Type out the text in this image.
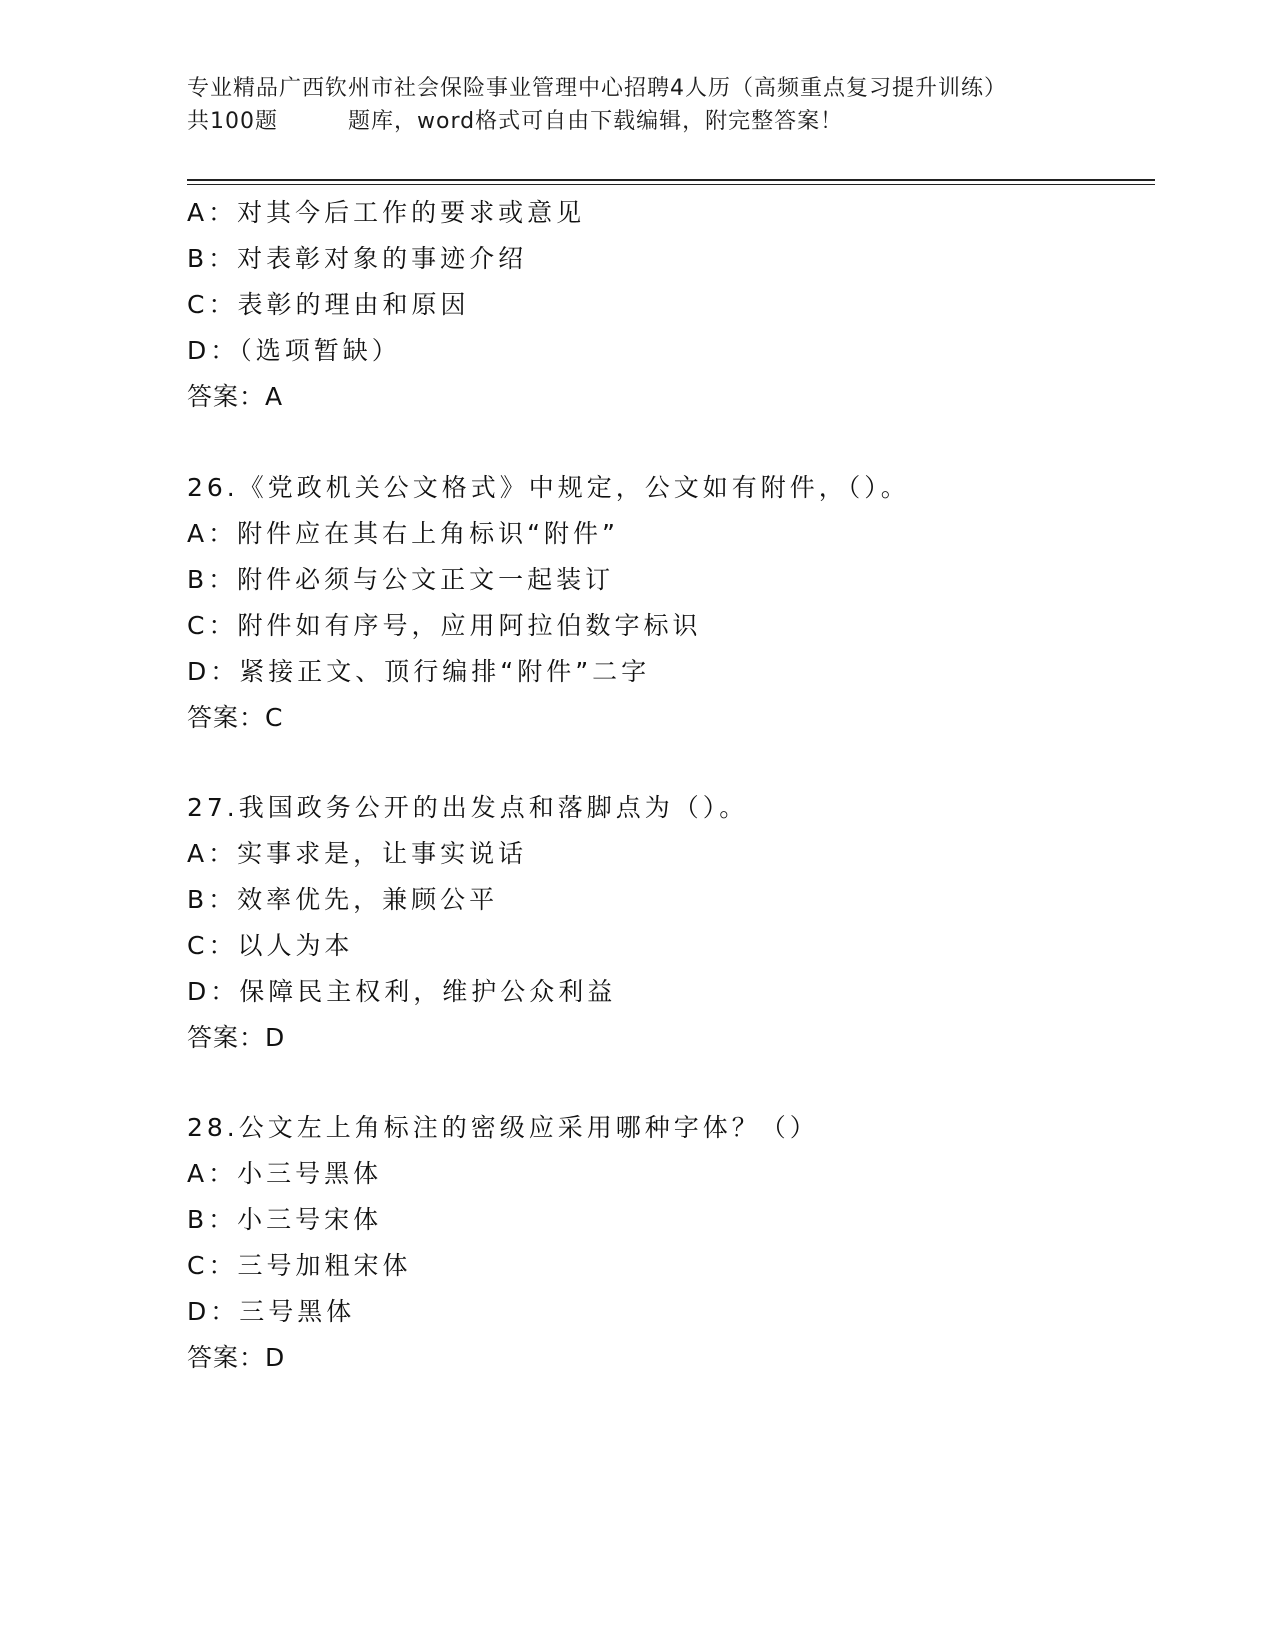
专业精品广西钦州市社会保险事业管理中心招聘4人历（高频重点复习提升训练）
共100题	题库，word格式可自由下载编辑，附完整答案！
A：对其今后工作的要求或意见
B：对表彰对象的事迹介绍
C：表彰的理由和原因
D：（选项暂缺）
答案：A
26.《党政机关公文格式》中规定，公文如有附件，（）。
A：附件应在其右上角标识“附件”
B：附件必须与公文正文一起装订
C：附件如有序号，应用阿拉伯数字标识
D：紧接正文、顶行编排“附件”二字
答案：C
27.我国政务公开的出发点和落脚点为（）。
A：实事求是，让事实说话
B：效率优先，兼顾公平
C：以人为本
D：保障民主权利，维护公众利益
答案：D
28.公文左上角标注的密级应采用哪种字体？（）
A：小三号黑体
B：小三号宋体
C：三号加粗宋体
D：三号黑体
答案：D
